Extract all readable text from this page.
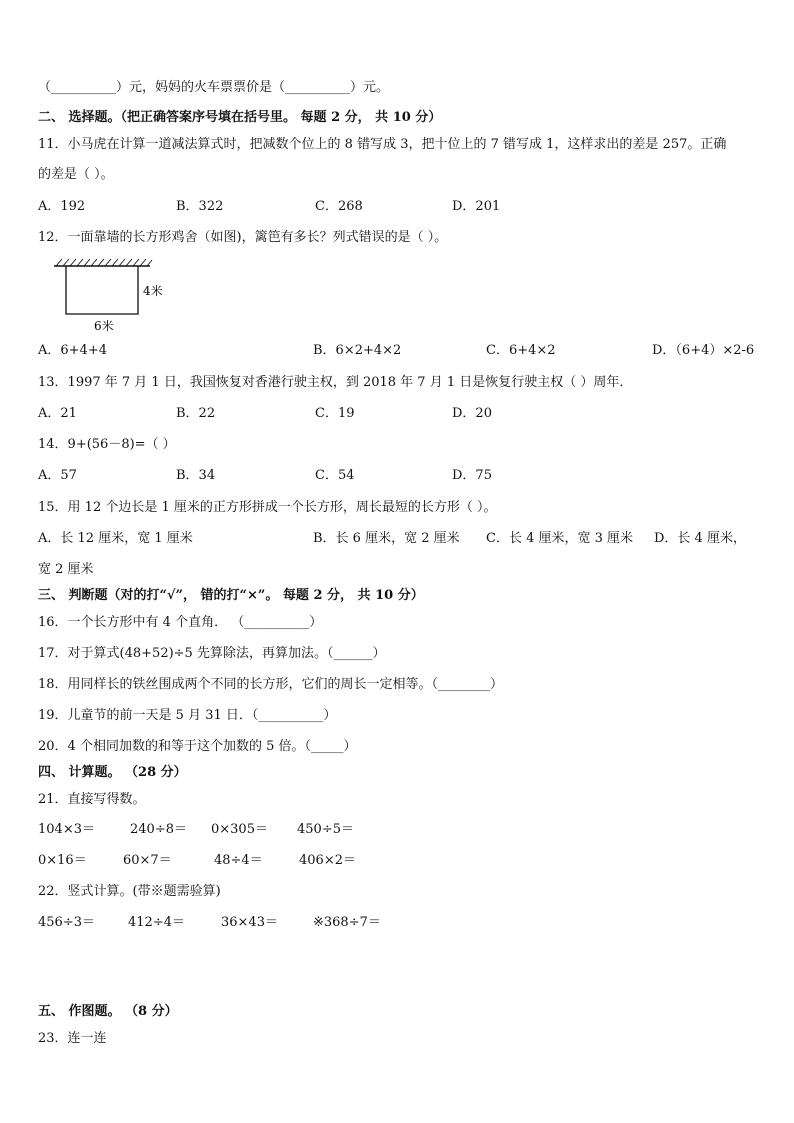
（__________）元，妈妈的火车票票价是（__________）元。
二、 选择题。（把正确答案序号填在括号里。 每题 2 分， 共 10 分）
11．小马虎在计算一道减法算式时，把减数个位上的 8 错写成 3，把十位上的 7 错写成 1，这样求出的差是 257。正确
的差是（ ）。
A．192	B．322	C．268	D．201
12．一面靠墙的长方形鸡舍（如图)，篱笆有多长？列式错误的是（ ）。
4米
6米
A．6+4+4	B．6×2+4×2	C．6+4×2	D．（6+4）×2-6
13．1997 年 7 月 1 日，我国恢复对香港行驶主权，到 2018 年 7 月 1 日是恢复行驶主权（ ）周年．
A．21	B．22	C．19	D．20
14．9+(56－8)=（ ）
A．57	B．34	C．54	D．75
15．用 12 个边长是 1 厘米的正方形拼成一个长方形，周长最短的长方形（ ）。
A．长 12 厘米，宽 1 厘米	B．长 6 厘米，宽 2 厘米 C．长 4 厘米，宽 3 厘米 D．长 4 厘米，
宽 2 厘米
三、 判断题（对的打“√”， 错的打“×”。 每题 2 分， 共 10 分）
16．一个长方形中有 4 个直角． （__________）
17．对于算式(48+52)÷5 先算除法，再算加法。（______）
18．用同样长的铁丝围成两个不同的长方形，它们的周长一定相等。（________）
19．儿童节的前一天是 5 月 31 日．（__________）
20．4 个相同加数的和等于这个加数的 5 倍。（_____）
四、 计算题。 （28 分）
21．直接写得数。
104×3＝	240÷8＝ 0×305＝ 450÷5＝
0×16＝	60×7＝	48÷4＝	406×2＝
22．竖式计算。(带※题需验算)
456÷3＝	412÷4＝	36×43＝	※368÷7＝
五、 作图题。 （8 分）
23．连一连
